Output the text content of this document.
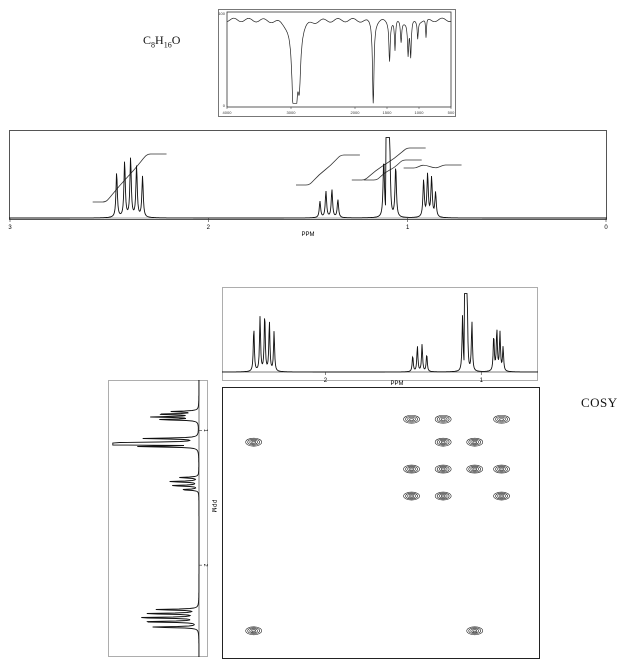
$C_8H_{16}O$
4000	3000	2000	1500	1000	500
100
0
3	2	1	0
PPM
2	1
PPM
2
1
PPM
COSY
